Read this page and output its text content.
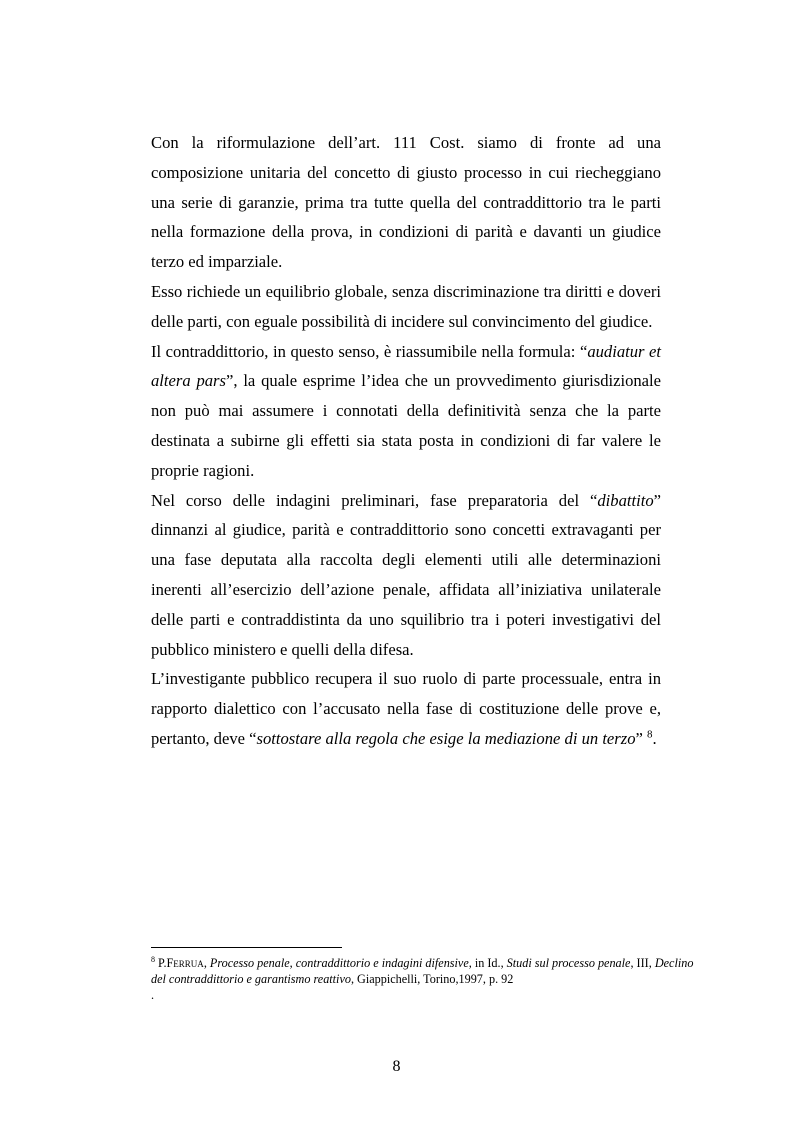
Con la riformulazione dell’art. 111 Cost. siamo di fronte ad una composizione unitaria del concetto di giusto processo in cui riecheggiano una serie di garanzie, prima tra tutte quella del contraddittorio tra le parti nella formazione della prova, in condizioni di parità e davanti un giudice terzo ed imparziale.

Esso richiede un equilibrio globale, senza discriminazione tra diritti e doveri delle parti, con eguale possibilità di incidere sul convincimento del giudice.

Il contraddittorio, in questo senso, è riassumibile nella formula: “audiatur et altera pars”, la quale esprime l’idea che un provvedimento giurisdizionale non può mai assumere i connotati della definitività senza che la parte destinata a subirne gli effetti sia stata posta in condizioni di far valere le proprie ragioni.

Nel corso delle indagini preliminari, fase preparatoria del “dibattito” dinnanzi al giudice, parità e contraddittorio sono concetti extravaganti per una fase deputata alla raccolta degli elementi utili alle determinazioni inerenti all’esercizio dell’azione penale, affidata all’iniziativa unilaterale delle parti e contraddistinta da uno squilibrio tra i poteri investigativi del pubblico ministero e quelli della difesa.

L’investigante pubblico recupera il suo ruolo di parte processuale, entra in rapporto dialettico con l’accusato nella fase di costituzione delle prove e, pertanto, deve “sottostare alla regola che esige la mediazione di un terzo” $^8$.

$^8$ P.Ferrua, Processo penale, contraddittorio e indagini difensive, in Id., Studi sul processo penale, III, Declino del contraddittorio e garantismo reattivo, Giappichelli, Torino,1997, p. 92

.

8
